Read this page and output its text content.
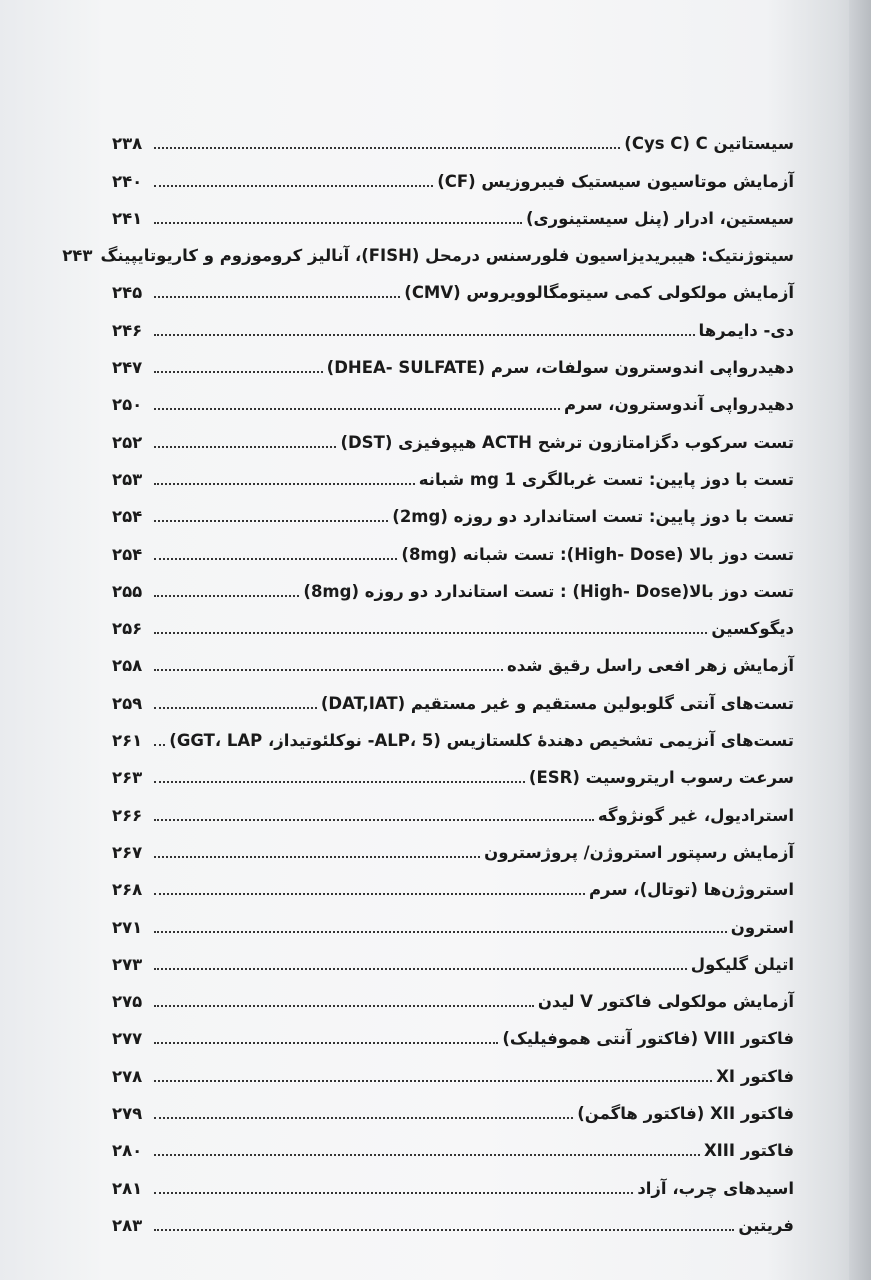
سیستاتین Cys C) C)
۲۳۸
آزمایش موتاسیون سیستیک فیبروزیس (CF)
۲۴۰
سیستین، ادرار (پنل سیستینوری)
۲۴۱
سیتوژنتیک: هیبریدیزاسیون فلورسنس درمحل (FISH)، آنالیز کروموزوم و کاریوتایپینگ
۲۴۳
آزمایش مولکولی کمی سیتومگالوویروس (CMV)
۲۴۵
دی- دایمرها
۲۴۶
دهیدرواپی اندوسترون سولفات، سرم (DHEA- SULFATE)
۲۴۷
دهیدرواپی آندوسترون، سرم
۲۵۰
تست سرکوب دگزامتازون ترشح ACTH هیپوفیزی (DST)
۲۵۲
تست با دوز پایین: تست غربالگری 1 mg شبانه
۲۵۳
تست با دوز پایین: تست استاندارد دو روزه (2mg)
۲۵۴
تست دوز بالا (High- Dose): تست شبانه (8mg)
۲۵۴
تست دوز بالا(High- Dose) : تست استاندارد دو روزه (8mg)
۲۵۵
دیگوکسین
۲۵۶
آزمایش زهر افعی راسل رقیق شده
۲۵۸
تست‌های آنتی گلوبولین مستقیم و غیر مستقیم (DAT,IAT)
۲۵۹
تست‌های آنزیمی تشخیص دهندهٔ کلستازیس (ALP، 5- نوکلئوتیداز، GGT، LAP)
۲۶۱
سرعت رسوب اریتروسیت (ESR)
۲۶۳
استرادیول، غیر گونژوگه
۲۶۶
آزمایش رسپتور استروژن/ پروژسترون
۲۶۷
استروژن‌ها (توتال)، سرم
۲۶۸
استرون
۲۷۱
اتیلن گلیکول
۲۷۳
آزمایش مولکولی فاکتور V لیدن
۲۷۵
فاکتور VIII (فاکتور آنتی هموفیلیک)
۲۷۷
فاکتور XI
۲۷۸
فاکتور XII (فاکتور هاگمن)
۲۷۹
فاکتور XIII
۲۸۰
اسیدهای چرب، آزاد
۲۸۱
فریتین
۲۸۳
